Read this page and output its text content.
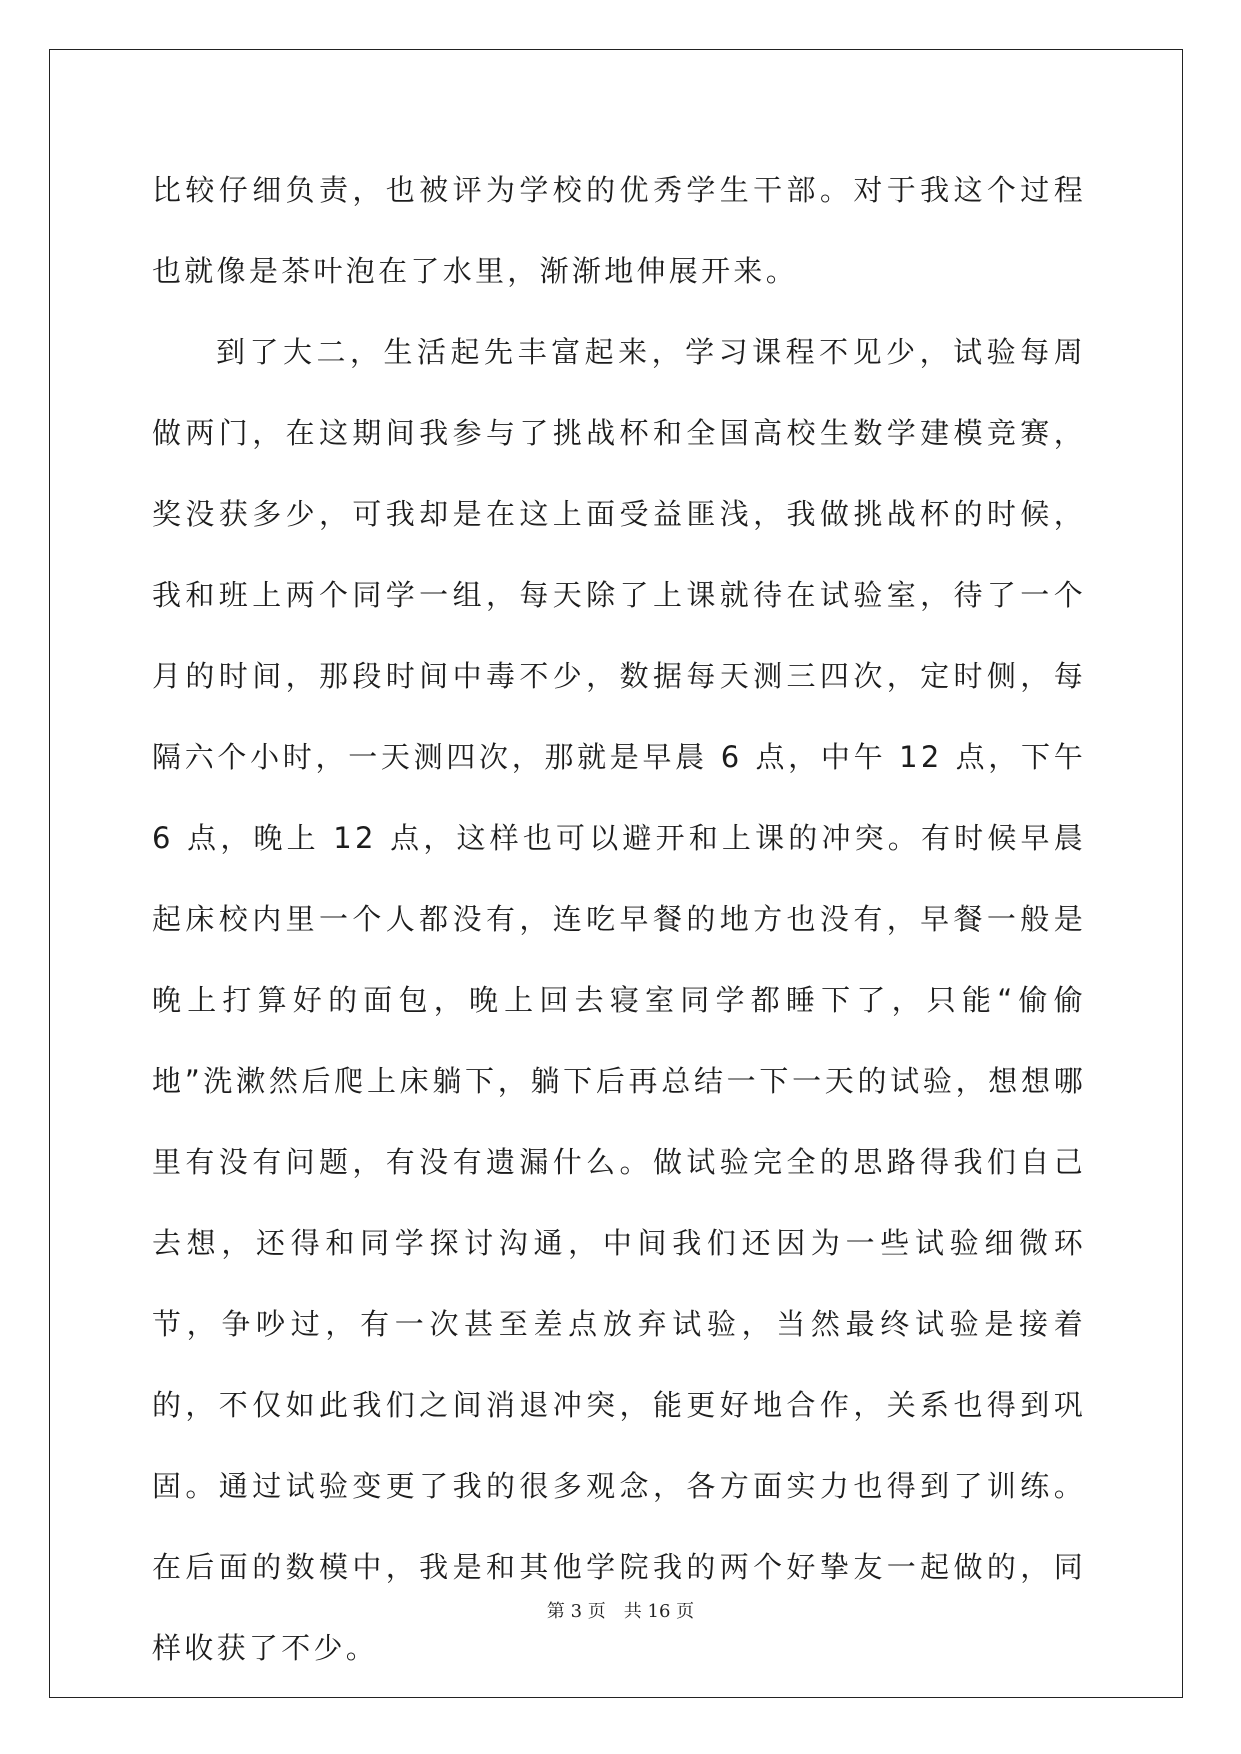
比较仔细负责，也被评为学校的优秀学生干部。对于我这个过程也就像是茶叶泡在了水里，渐渐地伸展开来。

到了大二，生活起先丰富起来，学习课程不见少，试验每周做两门，在这期间我参与了挑战杯和全国高校生数学建模竞赛，奖没获多少，可我却是在这上面受益匪浅，我做挑战杯的时候，我和班上两个同学一组，每天除了上课就待在试验室，待了一个月的时间，那段时间中毒不少，数据每天测三四次，定时侧，每隔六个小时，一天测四次，那就是早晨 6 点，中午 12 点，下午 6 点，晚上 12 点，这样也可以避开和上课的冲突。有时候早晨起床校内里一个人都没有，连吃早餐的地方也没有，早餐一般是晚上打算好的面包，晚上回去寝室同学都睡下了，只能“偷偷地”洗漱然后爬上床躺下，躺下后再总结一下一天的试验，想想哪里有没有问题，有没有遗漏什么。做试验完全的思路得我们自己去想，还得和同学探讨沟通，中间我们还因为一些试验细微环节，争吵过，有一次甚至差点放弃试验，当然最终试验是接着的，不仅如此我们之间消退冲突，能更好地合作，关系也得到巩固。通过试验变更了我的很多观念，各方面实力也得到了训练。在后面的数模中，我是和其他学院我的两个好挚友一起做的，同样收获了不少。

第 3 页　共 16 页
